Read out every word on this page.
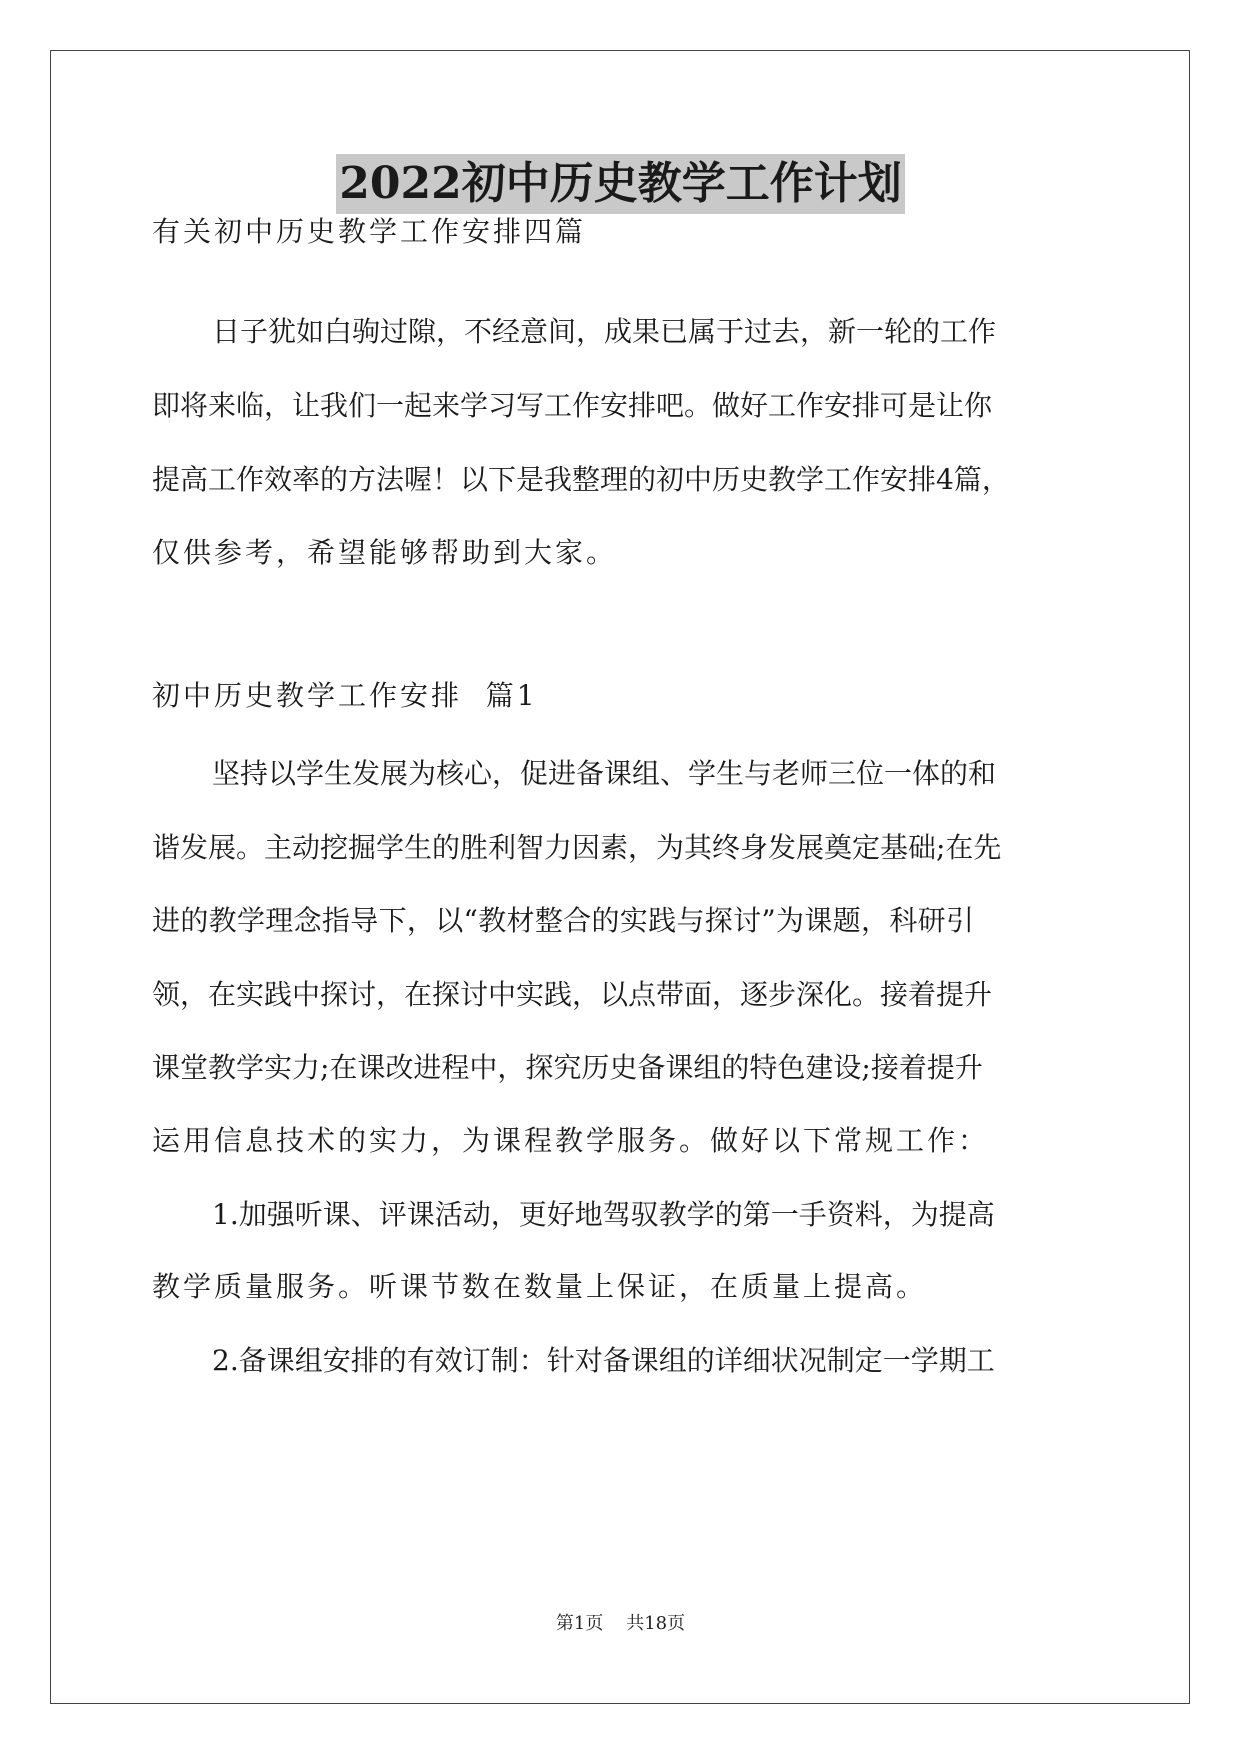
2022初中历史教学工作计划
有关初中历史教学工作安排四篇
日子犹如白驹过隙，不经意间，成果已属于过去，新一轮的工作
即将来临，让我们一起来学习写工作安排吧。做好工作安排可是让你
提高工作效率的方法喔！以下是我整理的初中历史教学工作安排4篇，
仅供参考，希望能够帮助到大家。
初中历史教学工作安排  篇1
坚持以学生发展为核心，促进备课组、学生与老师三位一体的和
谐发展。主动挖掘学生的胜利智力因素，为其终身发展奠定基础;在先
进的教学理念指导下，以“教材整合的实践与探讨”为课题，科研引
领，在实践中探讨，在探讨中实践，以点带面，逐步深化。接着提升
课堂教学实力;在课改进程中，探究历史备课组的特色建设;接着提升
运用信息技术的实力，为课程教学服务。做好以下常规工作：
1.加强听课、评课活动，更好地驾驭教学的第一手资料，为提高
教学质量服务。听课节数在数量上保证，在质量上提高。
2.备课组安排的有效订制：针对备课组的详细状况制定一学期工
第1页    共18页
